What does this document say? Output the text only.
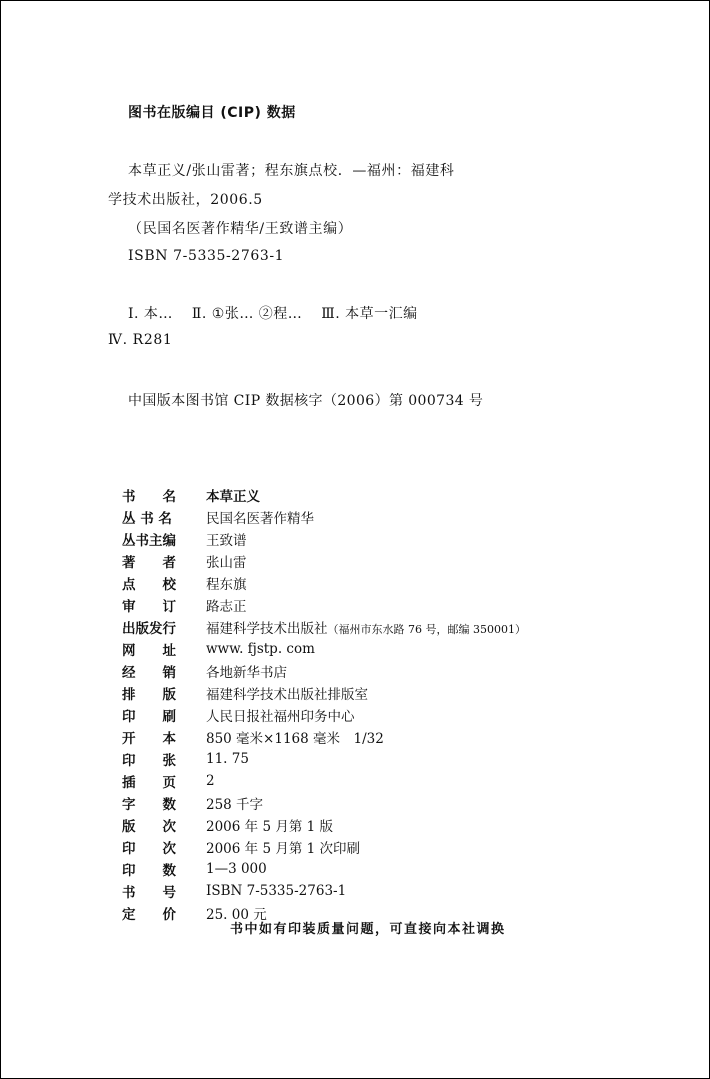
图书在版编目 (CIP) 数据
本草正义/张山雷著；程东旗点校．—福州：福建科
学技术出版社，2006.5
（民国名医著作精华/王致谱主编）
ISBN 7-5335-2763-1
Ⅰ. 本… Ⅱ. ①张… ②程… Ⅲ. 本草一汇编
Ⅳ. R281
中国版本图书馆 CIP 数据核字（2006）第 000734 号
书　　名	本草正义
丛 书 名	民国名医著作精华
丛书主编	王致谱
著　　者	张山雷
点　　校	程东旗
审　　订	路志正
出版发行	福建科学技术出版社（福州市东水路 76 号，邮编 350001）
网　　址	www. fjstp. com
经　　销	各地新华书店
排　　版	福建科学技术出版社排版室
印　　刷	人民日报社福州印务中心
开　　本	850 毫米×1168 毫米　1/32
印　　张	11. 75
插　　页	2
字　　数	258 千字
版　　次	2006 年 5 月第 1 版
印　　次	2006 年 5 月第 1 次印刷
印　　数	1—3 000
书　　号	ISBN 7-5335-2763-1
定　　价	25. 00 元
书中如有印装质量问题，可直接向本社调换
